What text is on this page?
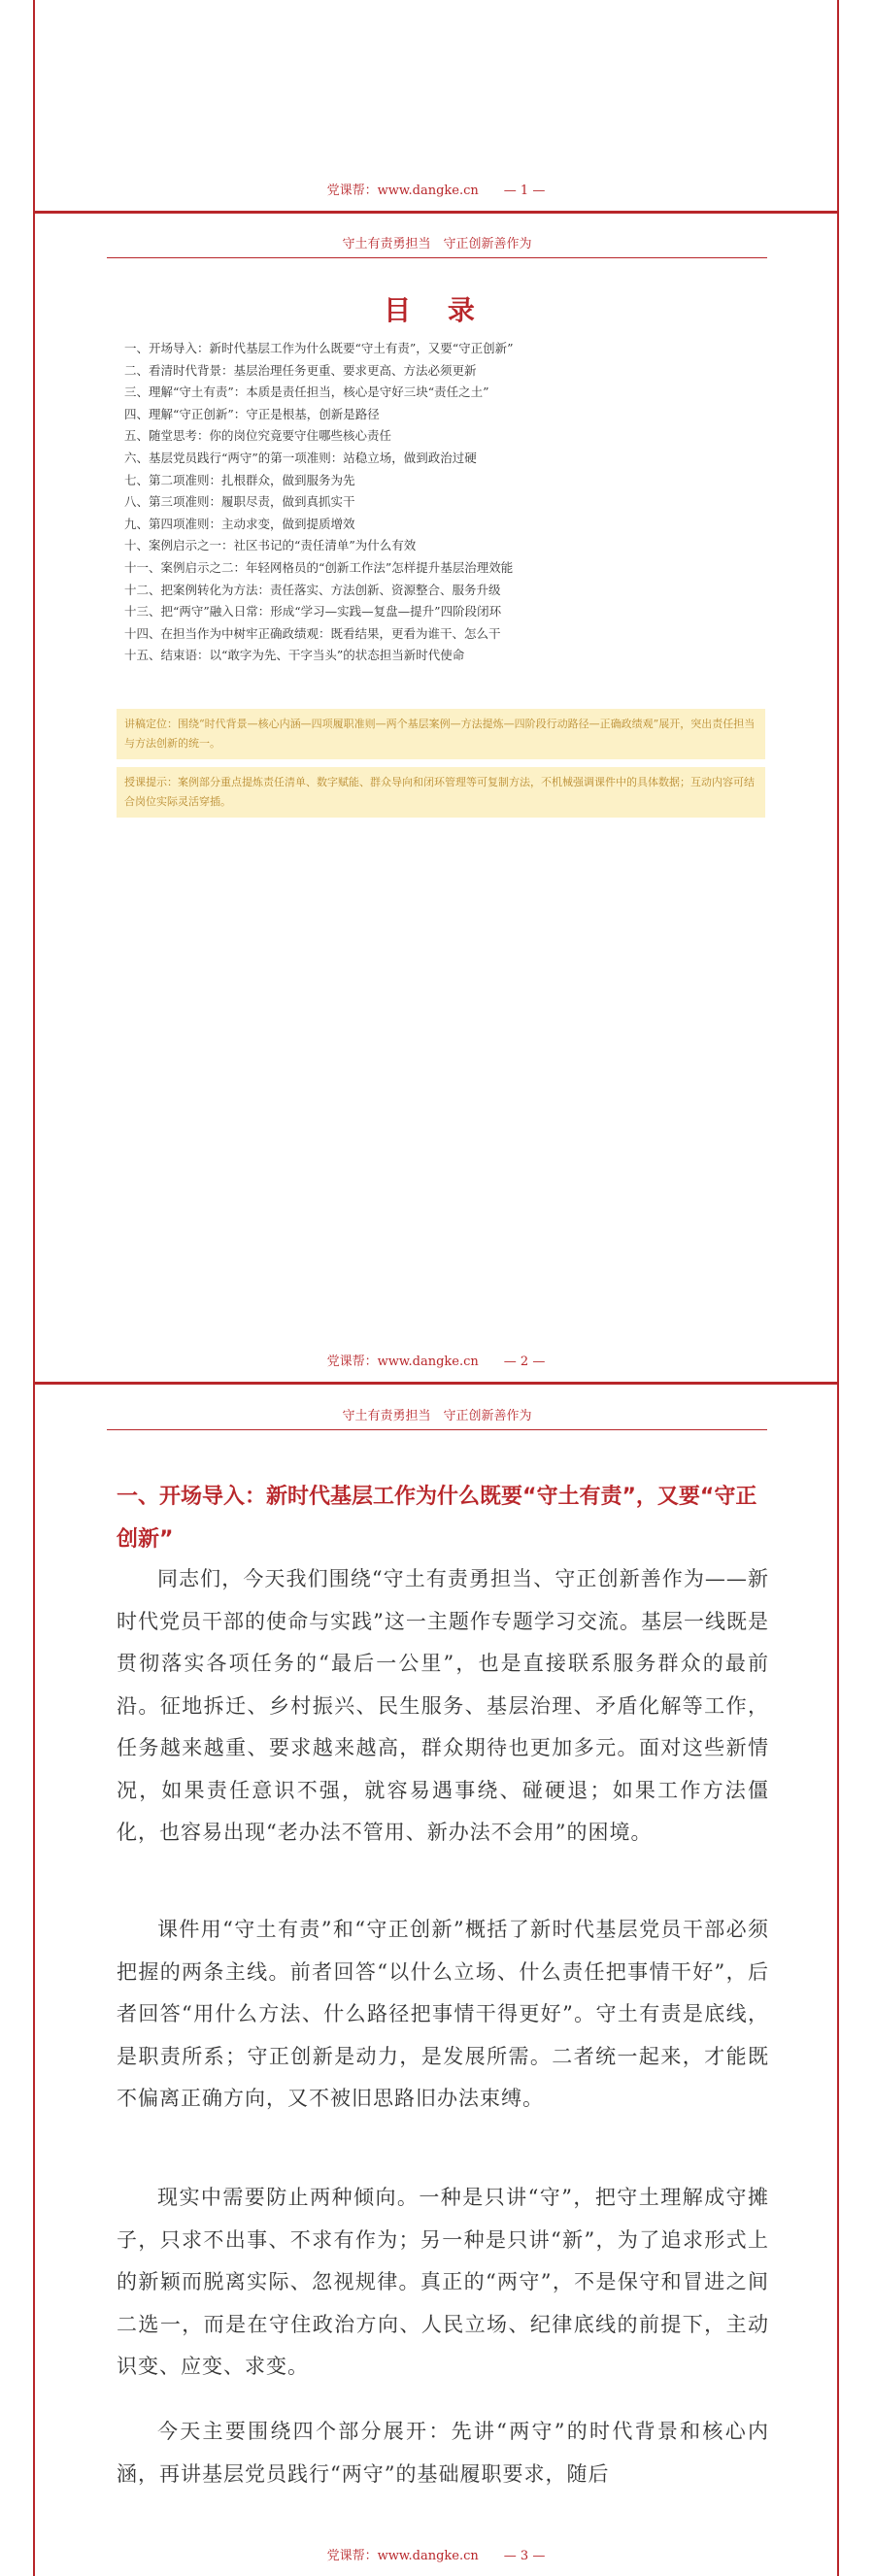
党课帮：www.dangke.cn — 1 —
守土有责勇担当　守正创新善作为
目 录
一、开场导入：新时代基层工作为什么既要“守土有责”，又要“守正创新”
二、看清时代背景：基层治理任务更重、要求更高、方法必须更新
三、理解“守土有责”：本质是责任担当，核心是守好三块“责任之土”
四、理解“守正创新”：守正是根基，创新是路径
五、随堂思考：你的岗位究竟要守住哪些核心责任
六、基层党员践行“两守”的第一项准则：站稳立场，做到政治过硬
七、第二项准则：扎根群众，做到服务为先
八、第三项准则：履职尽责，做到真抓实干
九、第四项准则：主动求变，做到提质增效
十、案例启示之一：社区书记的“责任清单”为什么有效
十一、案例启示之二：年轻网格员的“创新工作法”怎样提升基层治理效能
十二、把案例转化为方法：责任落实、方法创新、资源整合、服务升级
十三、把“两守”融入日常：形成“学习—实践—复盘—提升”四阶段闭环
十四、在担当作为中树牢正确政绩观：既看结果，更看为谁干、怎么干
十五、结束语：以“敢字为先、干字当头”的状态担当新时代使命
讲稿定位：围绕“时代背景—核心内涵—四项履职准则—两个基层案例—方法提炼—四阶段行动路径—正确政绩观”展开，突出责任担当与方法创新的统一。
授课提示：案例部分重点提炼责任清单、数字赋能、群众导向和闭环管理等可复制方法，不机械强调课件中的具体数据；互动内容可结合岗位实际灵活穿插。
党课帮：www.dangke.cn — 2 —
守土有责勇担当　守正创新善作为
一、开场导入：新时代基层工作为什么既要“守土有责”，又要“守正创新”

同志们，今天我们围绕“守土有责勇担当、守正创新善作为——新时代党员干部的使命与实践”这一主题作专题学习交流。基层一线既是贯彻落实各项任务的“最后一公里”，也是直接联系服务群众的最前沿。征地拆迁、乡村振兴、民生服务、基层治理、矛盾化解等工作，任务越来越重、要求越来越高，群众期待也更加多元。面对这些新情况，如果责任意识不强，就容易遇事绕、碰硬退；如果工作方法僵化，也容易出现“老办法不管用、新办法不会用”的困境。

课件用“守土有责”和“守正创新”概括了新时代基层党员干部必须把握的两条主线。前者回答“以什么立场、什么责任把事情干好”，后者回答“用什么方法、什么路径把事情干得更好”。守土有责是底线，是职责所系；守正创新是动力，是发展所需。二者统一起来，才能既不偏离正确方向，又不被旧思路旧办法束缚。

现实中需要防止两种倾向。一种是只讲“守”，把守土理解成守摊子，只求不出事、不求有作为；另一种是只讲“新”，为了追求形式上的新颖而脱离实际、忽视规律。真正的“两守”，不是保守和冒进之间二选一，而是在守住政治方向、人民立场、纪律底线的前提下，主动识变、应变、求变。

今天主要围绕四个部分展开：先讲“两守”的时代背景和核心内涵，再讲基层党员践行“两守”的基础履职要求，随后

党课帮：www.dangke.cn — 3 —
